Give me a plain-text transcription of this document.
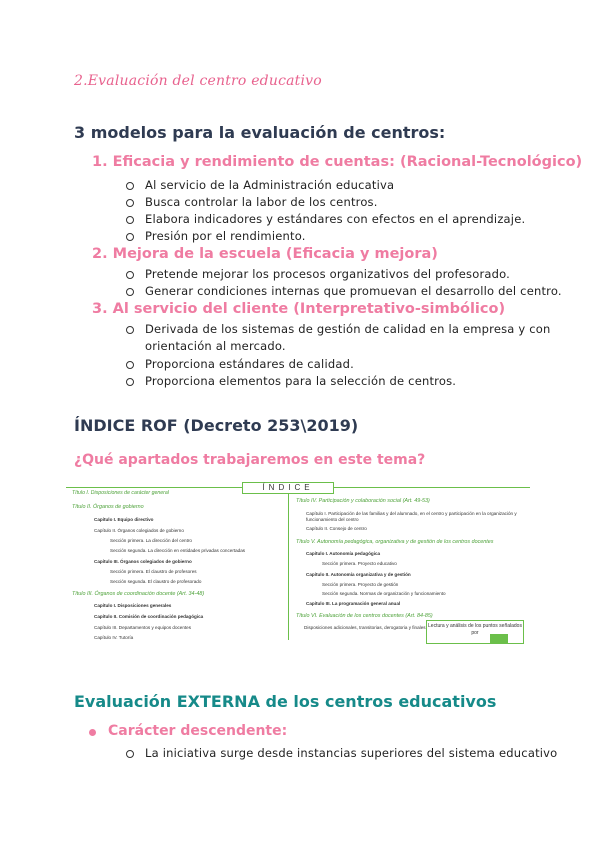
2.Evaluación del centro educativo
3 modelos para la evaluación de centros:
1. Eficacia y rendimiento de cuentas: (Racional-Tecnológico)
Al servicio de la Administración educativa
Busca controlar la labor de los centros.
Elabora indicadores y estándares con efectos en el aprendizaje.
Presión por el rendimiento.
2. Mejora de la escuela (Eficacia y mejora)
Pretende mejorar los procesos organizativos del profesorado.
Generar condiciones internas que promuevan el desarrollo del centro.
3. Al servicio del cliente (Interpretativo-simbólico)
Derivada de los sistemas de gestión de calidad en la empresa y con
orientación al mercado.
Proporciona estándares de calidad.
Proporciona elementos para la selección de centros.
ÍNDICE ROF (Decreto 253\2019)
¿Qué apartados trabajaremos en este tema?
ÍNDICE
Título I. Disposiciones de carácter general
Título II. Órganos de gobierno
Capítulo I. Equipo directivo
Capítulo II. Órganos colegiados de gobierno
Sección primera. La dirección del centro
Sección segunda. La dirección en entidades privadas concertadas
Capítulo III. Órganos colegiados de gobierno
Sección primera. El claustro de profesores
Sección segunda. El claustro de profesorado
Título III. Órganos de coordinación docente (Art. 34-48)
Capítulo I. Disposiciones generales
Capítulo II. Comisión de coordinación pedagógica
Capítulo III. Departamentos y equipos docentes
Capítulo IV. Tutoría
Título IV. Participación y colaboración social (Art. 49-53)
Capítulo I. Participación de las familias y del alumnado, en el centro y participación en la organización y funcionamiento del centro
Capítulo II. Consejo de centro
Título V. Autonomía pedagógica, organizativa y de gestión de los centros docentes
Capítulo I. Autonomía pedagógica
Sección primera. Proyecto educativo
Capítulo II. Autonomía organizativa y de gestión
Sección primera. Proyecto de gestión
Sección segunda. Normas de organización y funcionamiento
Capítulo III. La programación general anual
Título VI. Evaluación de los centros docentes (Art. 84-85)
Disposiciones adicionales, transitorias, derogatoria y finales Lectura y análisis de los puntos señalados por
Evaluación EXTERNA de los centros educativos
Carácter descendente:
La iniciativa surge desde instancias superiores del sistema educativo
